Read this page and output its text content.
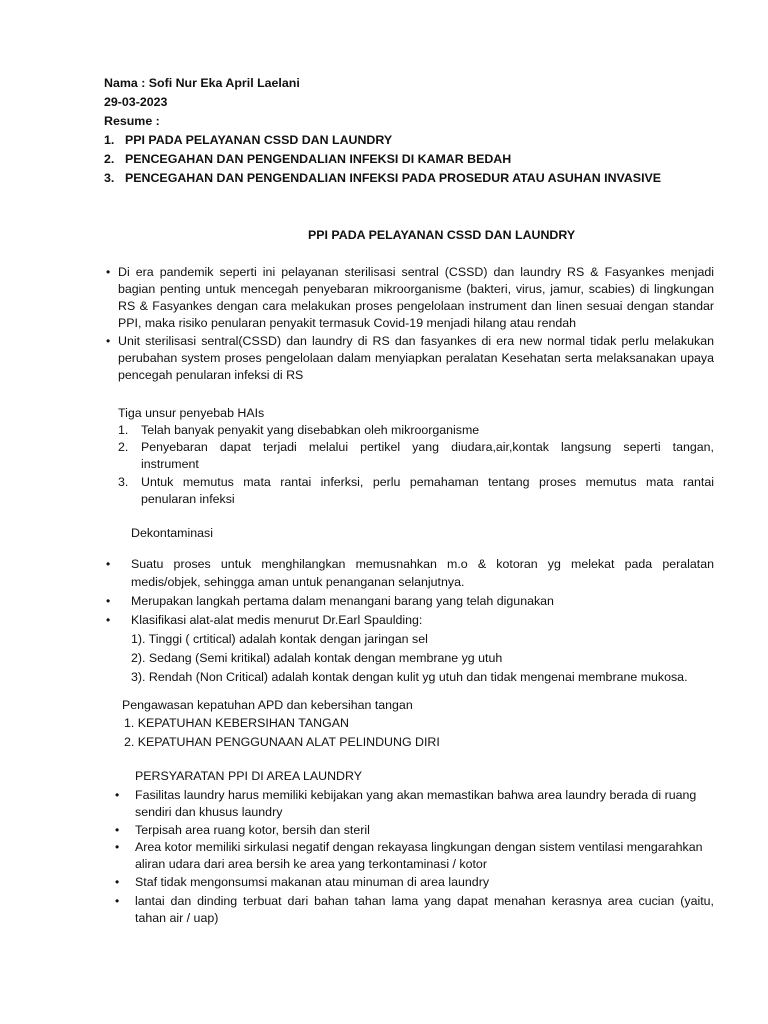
Nama : Sofi Nur Eka April Laelani
29-03-2023
Resume :
1. PPI PADA PELAYANAN CSSD DAN LAUNDRY
2. PENCEGAHAN DAN PENGENDALIAN INFEKSI DI KAMAR BEDAH
3. PENCEGAHAN DAN PENGENDALIAN INFEKSI PADA PROSEDUR ATAU ASUHAN INVASIVE
PPI PADA PELAYANAN CSSD DAN LAUNDRY
• Di era pandemik seperti ini pelayanan sterilisasi sentral (CSSD) dan laundry RS & Fasyankes menjadi
bagian penting untuk mencegah penyebaran mikroorganisme (bakteri, virus, jamur, scabies) di lingkungan
RS & Fasyankes dengan cara melakukan proses pengelolaan instrument dan linen sesuai dengan standar
PPI, maka risiko penularan penyakit termasuk Covid-19 menjadi hilang atau rendah
• Unit sterilisasi sentral(CSSD) dan laundry di RS dan fasyankes di era new normal tidak perlu melakukan
perubahan system proses pengelolaan dalam menyiapkan peralatan Kesehatan serta melaksanakan upaya
pencegah penularan infeksi di RS
Tiga unsur penyebab HAIs
1. Telah banyak penyakit yang disebabkan oleh mikroorganisme
2. Penyebaran dapat terjadi melalui pertikel yang diudara,air,kontak langsung seperti tangan,
instrument
3. Untuk memutus mata rantai inferksi, perlu pemahaman tentang proses memutus mata rantai
penularan infeksi
Dekontaminasi
• Suatu proses untuk menghilangkan memusnahkan m.o & kotoran yg melekat pada peralatan
medis/objek, sehingga aman untuk penanganan selanjutnya.
• Merupakan langkah pertama dalam menangani barang yang telah digunakan
• Klasifikasi alat-alat medis menurut Dr.Earl Spaulding:
1). Tinggi ( crtitical) adalah kontak dengan jaringan sel
2). Sedang (Semi kritikal) adalah kontak dengan membrane yg utuh
3). Rendah (Non Critical) adalah kontak dengan kulit yg utuh dan tidak mengenai membrane mukosa.
Pengawasan kepatuhan APD dan kebersihan tangan
1. KEPATUHAN KEBERSIHAN TANGAN
2. KEPATUHAN PENGGUNAAN ALAT PELINDUNG DIRI
PERSYARATAN PPI DI AREA LAUNDRY
• Fasilitas laundry harus memiliki kebijakan yang akan memastikan bahwa area laundry berada di ruang
sendiri dan khusus laundry
• Terpisah area ruang kotor, bersih dan steril
• Area kotor memiliki sirkulasi negatif dengan rekayasa lingkungan dengan sistem ventilasi mengarahkan
aliran udara dari area bersih ke area yang terkontaminasi / kotor
• Staf tidak mengonsumsi makanan atau minuman di area laundry
• lantai dan dinding terbuat dari bahan tahan lama yang dapat menahan kerasnya area cucian (yaitu,
tahan air / uap)
